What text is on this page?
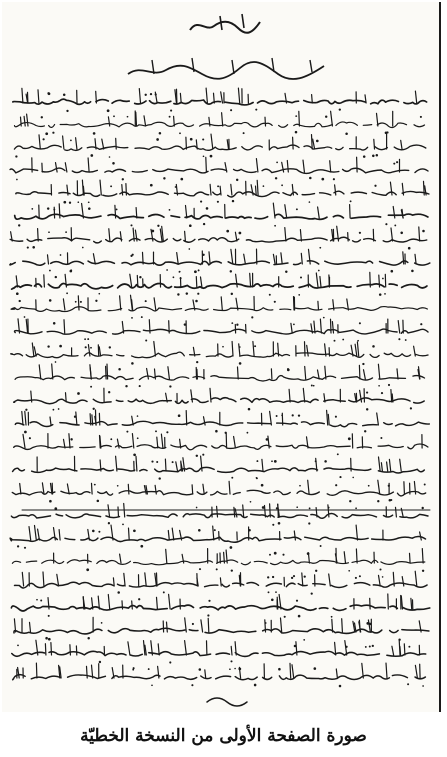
صورة الصفحة الأولى من النسخة الخطيّة
